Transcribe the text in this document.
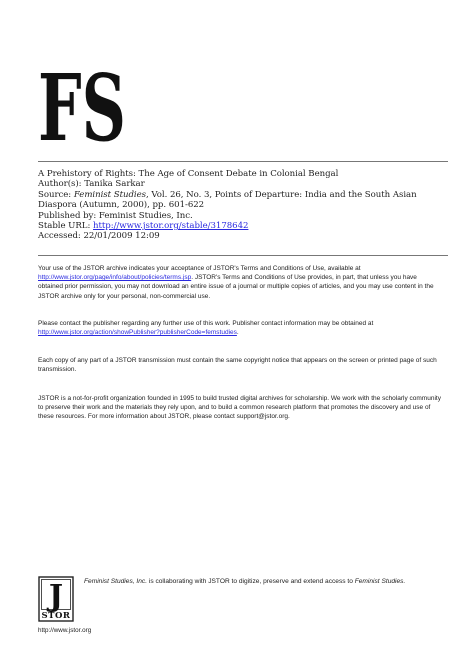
FS
A Prehistory of Rights: The Age of Consent Debate in Colonial Bengal
Author(s): Tanika Sarkar
Source: Feminist Studies, Vol. 26, No. 3, Points of Departure: India and the South Asian
Diaspora (Autumn, 2000), pp. 601-622
Published by: Feminist Studies, Inc.
Stable URL: http://www.jstor.org/stable/3178642
Accessed: 22/01/2009 12:09
Your use of the JSTOR archive indicates your acceptance of JSTOR's Terms and Conditions of Use, available at
http://www.jstor.org/page/info/about/policies/terms.jsp. JSTOR's Terms and Conditions of Use provides, in part, that unless you have obtained prior permission, you may not download an entire issue of a journal or multiple copies of articles, and you may use content in the JSTOR archive only for your personal, non-commercial use.
Please contact the publisher regarding any further use of this work. Publisher contact information may be obtained at
http://www.jstor.org/action/showPublisher?publisherCode=femstudies.
Each copy of any part of a JSTOR transmission must contain the same copyright notice that appears on the screen or printed page of such transmission.
JSTOR is a not-for-profit organization founded in 1995 to build trusted digital archives for scholarship. We work with the scholarly community to preserve their work and the materials they rely upon, and to build a common research platform that promotes the discovery and use of these resources. For more information about JSTOR, please contact support@jstor.org.
J
STOR
Feminist Studies, Inc. is collaborating with JSTOR to digitize, preserve and extend access to Feminist Studies.
http://www.jstor.org
